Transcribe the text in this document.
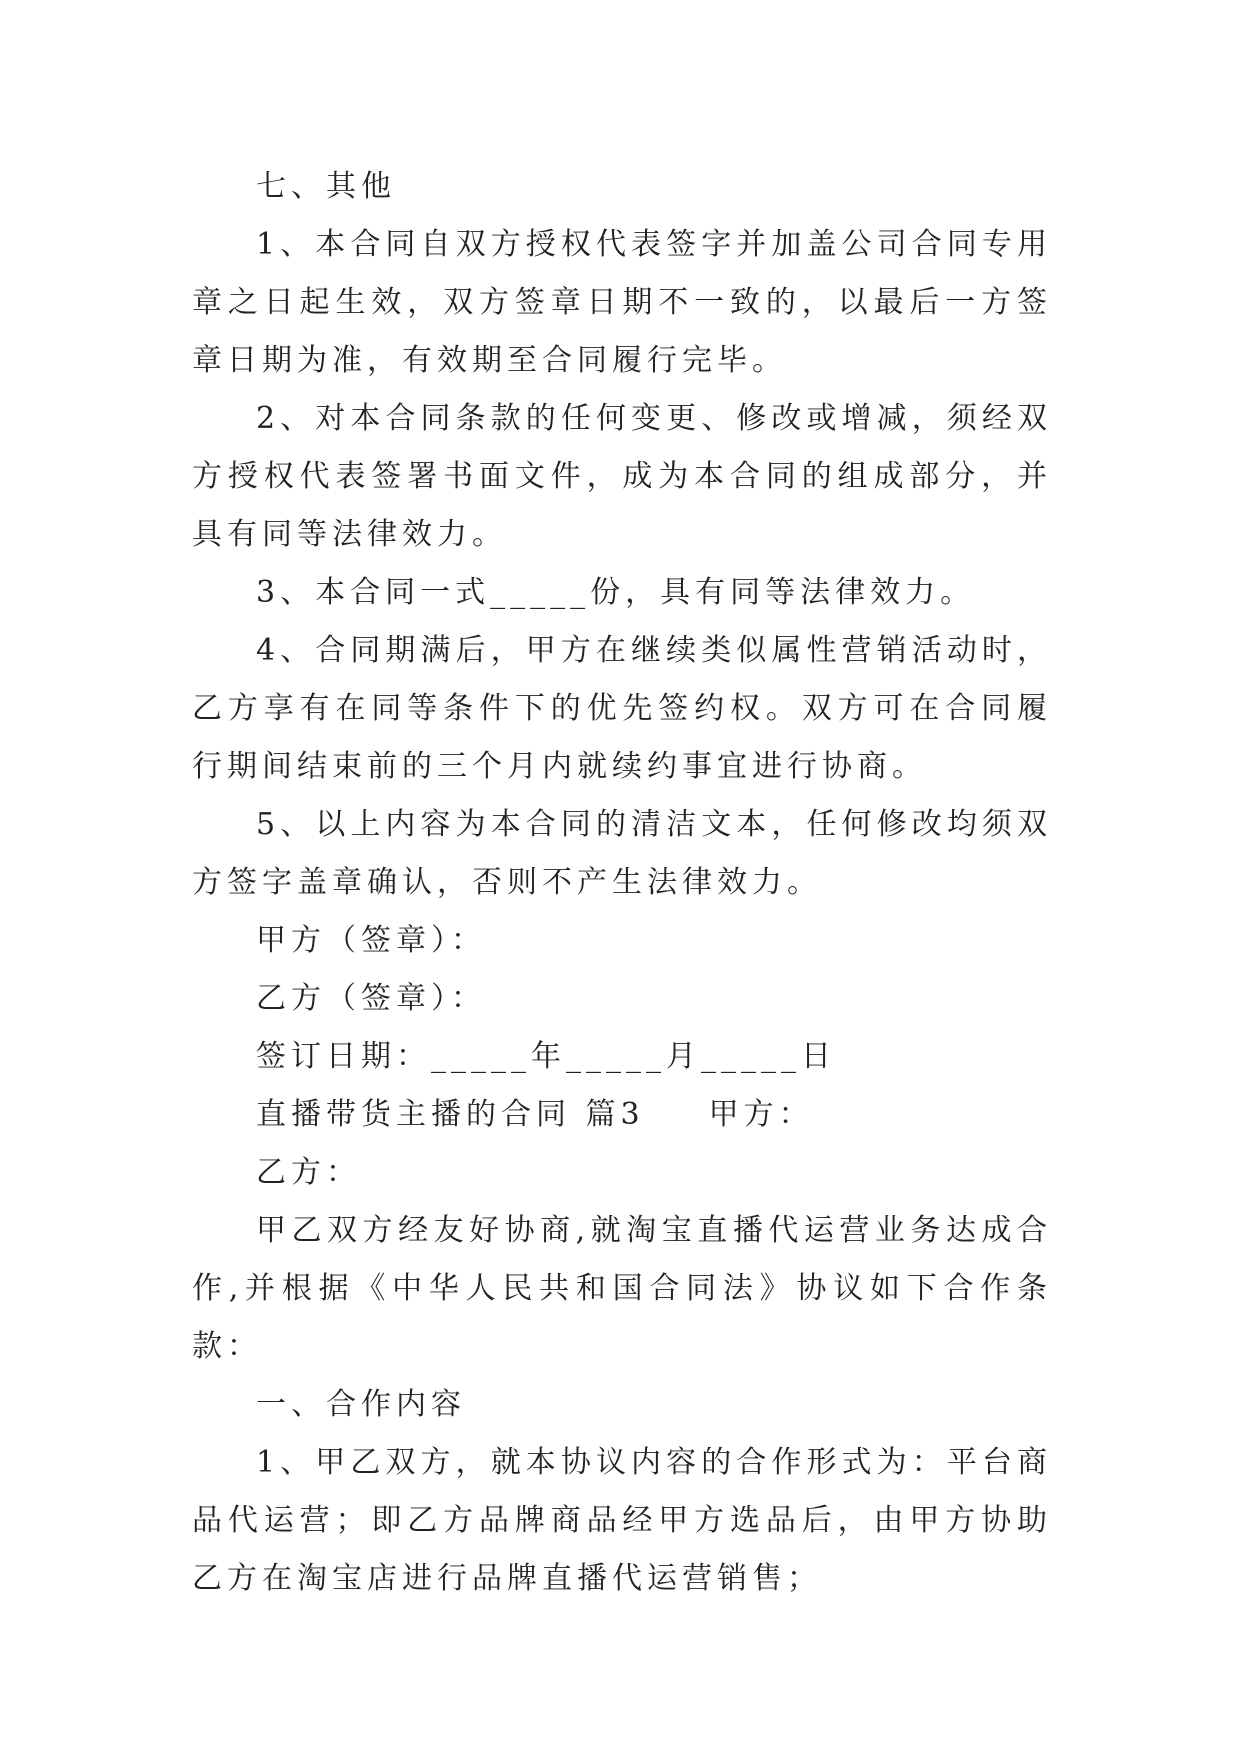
七、其他

1、本合同自双方授权代表签字并加盖公司合同专用章之日起生效，双方签章日期不一致的，以最后一方签章日期为准，有效期至合同履行完毕。

2、对本合同条款的任何变更、修改或增减，须经双方授权代表签署书面文件，成为本合同的组成部分，并具有同等法律效力。

3、本合同一式_____份，具有同等法律效力。

4、合同期满后，甲方在继续类似属性营销活动时，乙方享有在同等条件下的优先签约权。双方可在合同履行期间结束前的三个月内就续约事宜进行协商。

5、以上内容为本合同的清洁文本，任何修改均须双方签字盖章确认，否则不产生法律效力。

甲方（签章）：

乙方（签章）：

签订日期：_____年_____月_____日

直播带货主播的合同 篇3 甲方：

乙方：

甲乙双方经友好协商,就淘宝直播代运营业务达成合作,并根据《中华人民共和国合同法》协议如下合作条款：

一、合作内容

1、甲乙双方，就本协议内容的合作形式为：平台商品代运营；即乙方品牌商品经甲方选品后，由甲方协助乙方在淘宝店进行品牌直播代运营销售；
